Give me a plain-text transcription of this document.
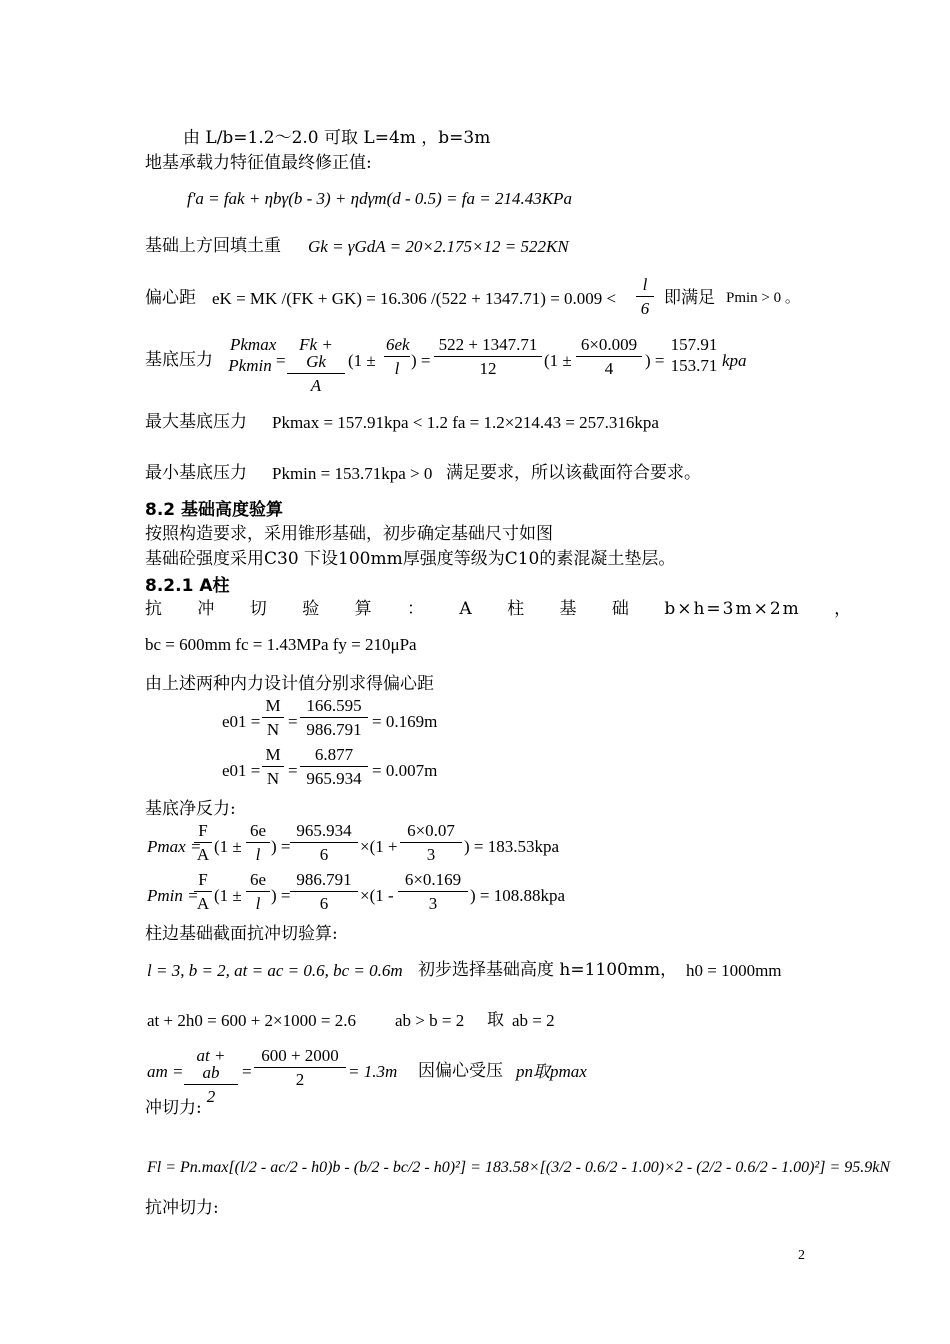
由 L/b=1.2～2.0 可取 L=4m ，b=3m
地基承载力特征值最终修正值:
f'a = fak + ηbγ(b - 3) + ηdγm(d - 0.5) = fa = 214.43KPa
基础上方回填土重 Gk = γGdA = 20×2.175×12 = 522KN
偏心距 eK = MK /(FK + GK) = 16.306 /(522 + 1347.71) = 0.009 <
l
6
即满足 Pmin > 0 。
基底压力
Pkmax
Pkmin =
Fk + Gk
A
(1 ±
6ek
l ) =
522 + 1347.71
12	(1 ±
6×0.009
4	) =
157.91
153.71 kpa
最大基底压力 Pkmax = 157.91kpa < 1.2 fa = 1.2×214.43 = 257.316kpa
最小基底压力 Pkmin = 153.71kpa > 0 满足要求，所以该截面符合要求。
8.2 基础高度验算
按照构造要求，采用锥形基础，初步确定基础尺寸如图
基础砼强度采用C30 下设100mm厚强度等级为C10的素混凝土垫层。
8.2.1 A柱
抗 冲 切 验 算 ： A 柱 基 础 b×h=3m×2m ，
bc = 600mm fc = 1.43MPa fy = 210μPa
由上述两种内力设计值分别求得偏心距
e01 =
M
N =
166.595
986.791 = 0.169m
e01 =
M
N =
6.877
965.934 = 0.007m
基底净反力:
Pmax =
F
A (1 ±
6e
l ) =
965.934
6	×(1 +
6×0.07
3	) = 183.53kpa
Pmin =
F
A (1 ±
6e
l ) =
986.791
6	×(1 -
6×0.169
3	) = 108.88kpa
柱边基础截面抗冲切验算:
l = 3, b = 2, at = ac = 0.6, bc = 0.6m 初步选择基础高度 h=1100mm， h0 = 1000mm
at + 2h0 = 600 + 2×1000 = 2.6 ab > b = 2 取 ab = 2
am =
at + ab
2
=
600 + 2000
2	= 1.3m 因偏心受压 pn取pmax
冲切力:
Fl = Pn.max[(l/2 - ac/2 - h0)b - (b/2 - bc/2 - h0)²] = 183.58×[(3/2 - 0.6/2 - 1.00)×2 - (2/2 - 0.6/2 - 1.00)²] = 95.9kN
抗冲切力:
2
